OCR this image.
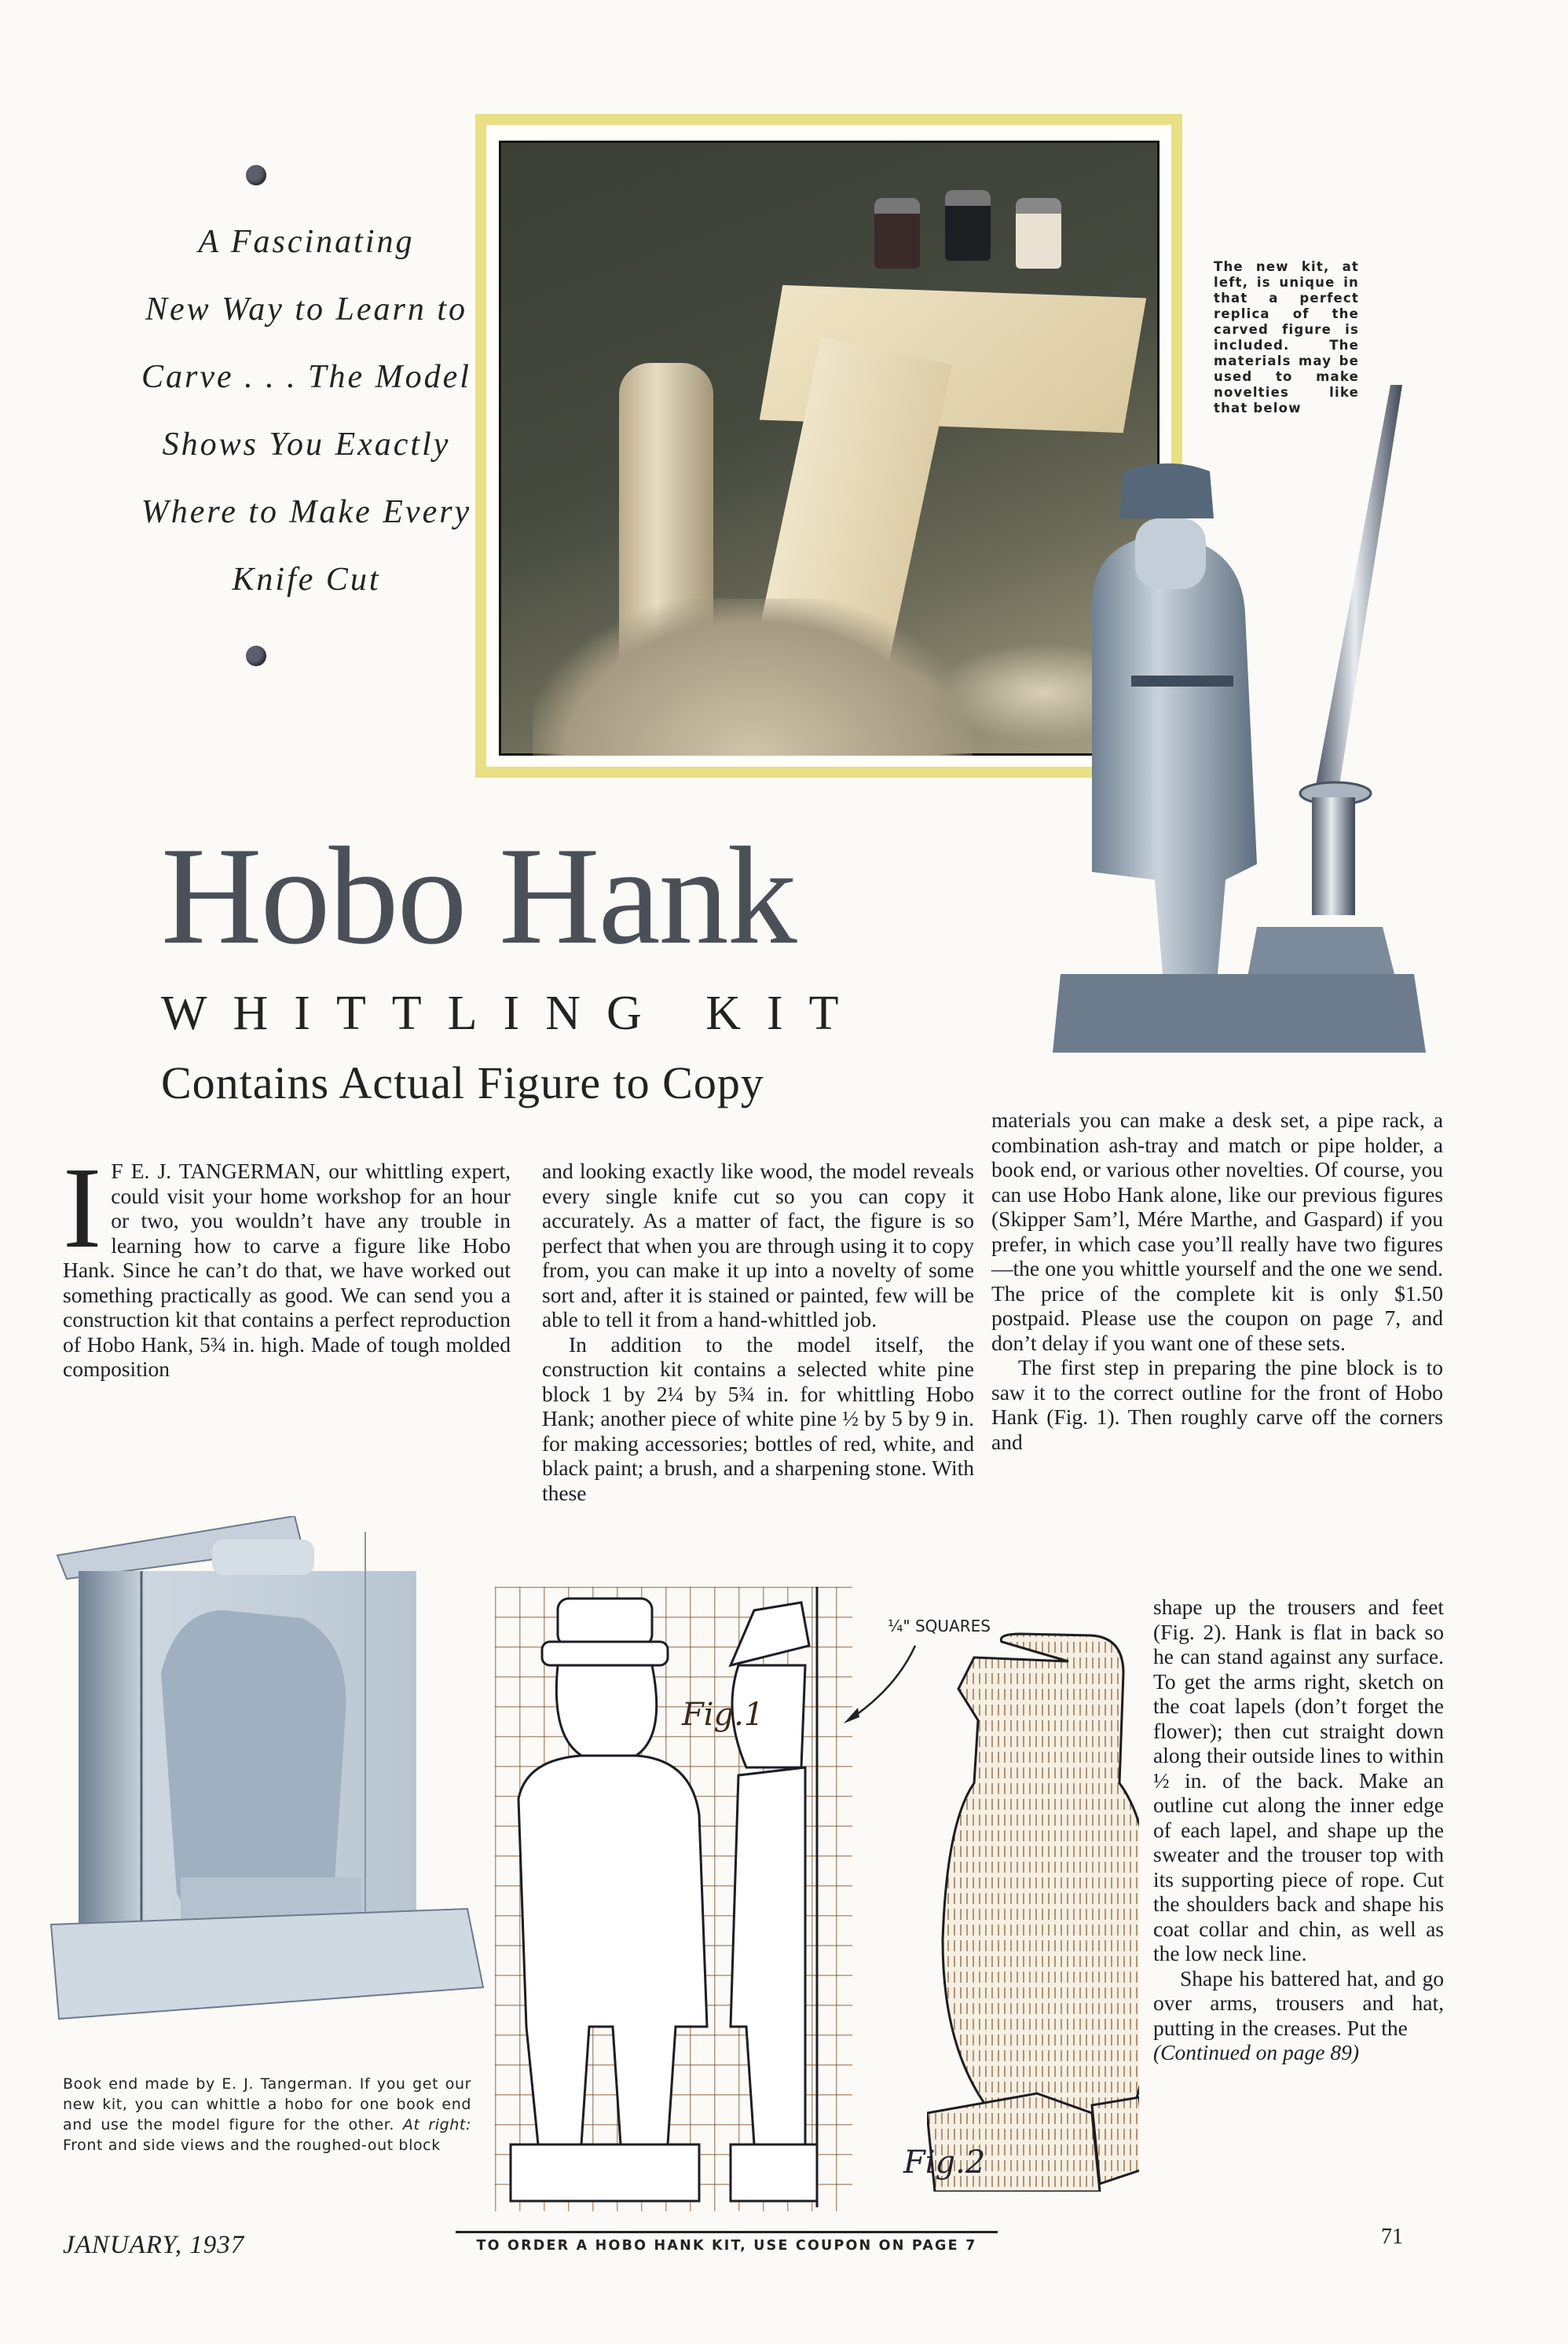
A Fascinating
New Way to Learn to
Carve . . . The Model
Shows You Exactly
Where to Make Every
Knife Cut
The new kit, at left, is unique in that a perfect replica of the carved figure is included. The materials may be used to make novelties like that below
Hobo Hank
WHITTLING KIT
Contains Actual Figure to Copy
I F E. J. TANGERMAN, our whittling expert, could visit your home workshop for an hour or two, you wouldn’t have any trouble in learning how to carve a figure like Hobo Hank. Since he can’t do that, we have worked out something practically as good. We can send you a construction kit that contains a perfect reproduction of Hobo Hank, 5¾ in. high. Made of tough molded composition

and looking exactly like wood, the model reveals every single knife cut so you can copy it accurately. As a matter of fact, the figure is so perfect that when you are through using it to copy from, you can make it up into a novelty of some sort and, after it is stained or painted, few will be able to tell it from a hand-whittled job.

In addition to the model itself, the construction kit contains a selected white pine block 1 by 2¼ by 5¾ in. for whittling Hobo Hank; another piece of white pine ½ by 5 by 9 in. for making accessories; bottles of red, white, and black paint; a brush, and a sharpening stone. With these

materials you can make a desk set, a pipe rack, a combination ash-tray and match or pipe holder, a book end, or various other novelties. Of course, you can use Hobo Hank alone, like our previous figures (Skipper Sam’l, Mére Marthe, and Gaspard) if you prefer, in which case you’ll really have two figures—the one you whittle yourself and the one we send. The price of the complete kit is only $1.50 postpaid. Please use the coupon on page 7, and don’t delay if you want one of these sets.

The first step in preparing the pine block is to saw it to the correct outline for the front of Hobo Hank (Fig. 1). Then roughly carve off the corners and

shape up the trousers and feet (Fig. 2). Hank is flat in back so he can stand against any surface. To get the arms right, sketch on the coat lapels (don’t forget the flower); then cut straight down along their outside lines to within ½ in. of the back. Make an outline cut along the inner edge of each lapel, and shape up the sweater and the trouser top with its supporting piece of rope. Cut the shoulders back and shape his coat collar and chin, as well as the low neck line.

Shape his battered hat, and go over arms, trousers and hat, putting in the creases. Put the

(Continued on page 89)

Book end made by E. J. Tangerman. If you get our new kit, you can whittle a hobo for one book end and use the model figure for the other. At right: Front and side views and the roughed-out block
Fig.1
¼" SQUARES
Fig.2
JANUARY, 1937	TO ORDER A HOBO HANK KIT, USE COUPON ON PAGE 7	71
